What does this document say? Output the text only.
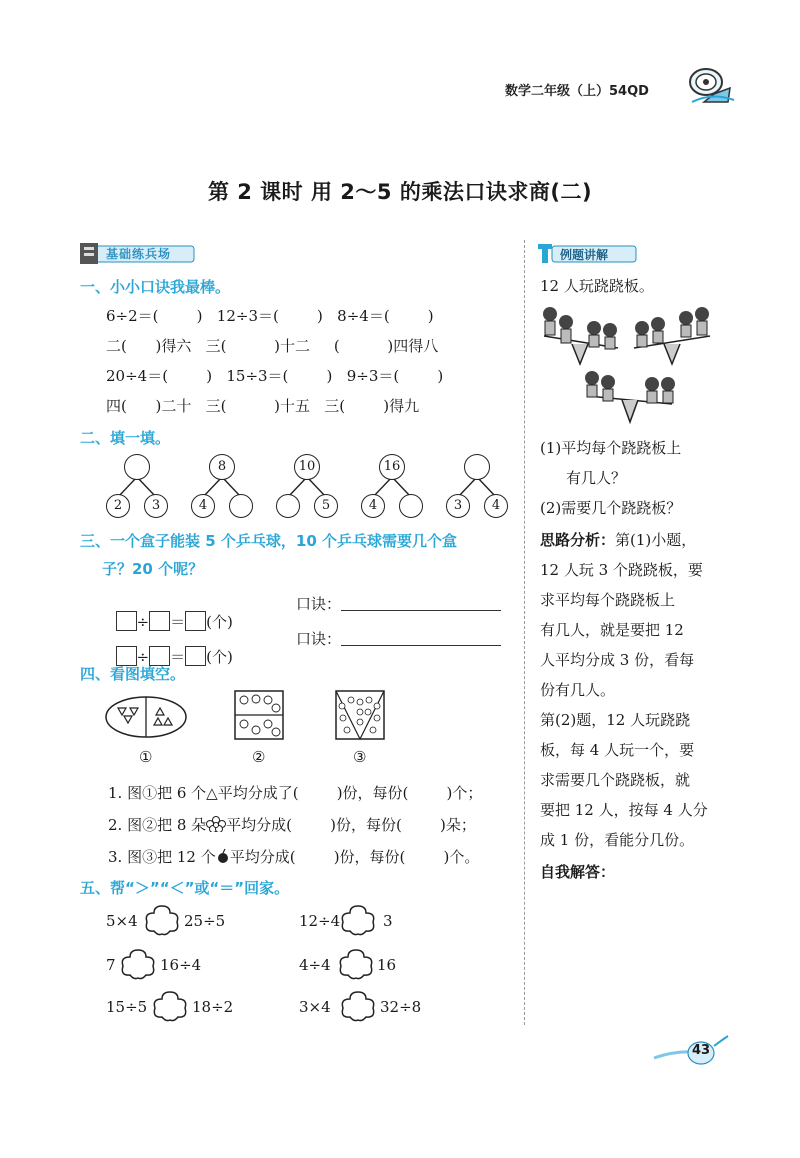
数学二年级（上）54QD
第 2 课时 用 2～5 的乘法口诀求商(二)
基础练兵场
一、小小口诀我最棒。
6÷2＝(        )   12÷3＝(        )   8÷4＝(        )
二(      )得六   三(          )十二     (          )四得八
20÷4＝(        )   15÷3＝(        )   9÷3＝(        )
四(      )二十   三(          )十五   三(        )得九
二、填一填。
2	3
8
4
10
5
16
4	3	4
三、一个盒子能装 5 个乒乓球，10 个乒乓球需要几个盒
子？20 个呢？

÷ ＝ (个)

口诀：

÷ ＝ (个)

口诀：
四、看图填空。
①	②	③
1. 图①把 6 个△平均分成了(        )份，每份(        )个；
2. 图②把 8 朵 平均分成(        )份，每份(        )朵；
3. 图③把 12 个 平均分成(        )份，每份(        )个。
五、帮“＞”“＜”或“＝”回家。
5×4	25÷5	12÷4	3
7	16÷4	4÷4	16
15÷5	18÷2	3×4	32÷8
例题讲解
12 人玩跷跷板。
(1)平均每个跷跷板上
有几人？
(2)需要几个跷跷板？
思路分析：第(1)小题，
12 人玩 3 个跷跷板，要
求平均每个跷跷板上
有几人，就是要把 12
人平均分成 3 份，看每
份有几人。
第(2)题，12 人玩跷跷
板，每 4 人玩一个，要
求需要几个跷跷板，就
要把 12 人，按每 4 人分
成 1 份，看能分几份。
自我解答：
43
